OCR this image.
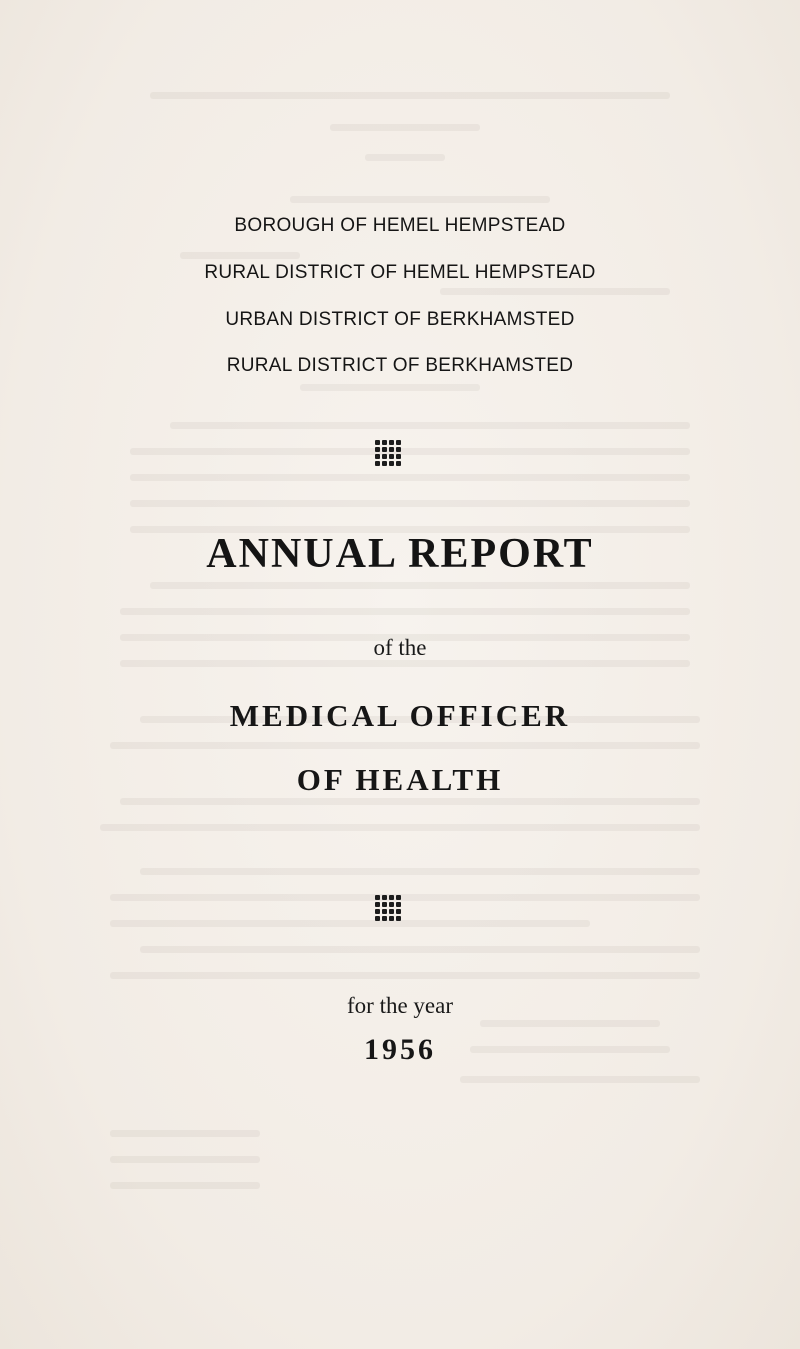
BOROUGH OF HEMEL HEMPSTEAD
RURAL DISTRICT OF HEMEL HEMPSTEAD
URBAN DISTRICT OF BERKHAMSTED
RURAL DISTRICT OF BERKHAMSTED
ANNUAL REPORT
of the
MEDICAL OFFICER
OF HEALTH
for the year
1956
